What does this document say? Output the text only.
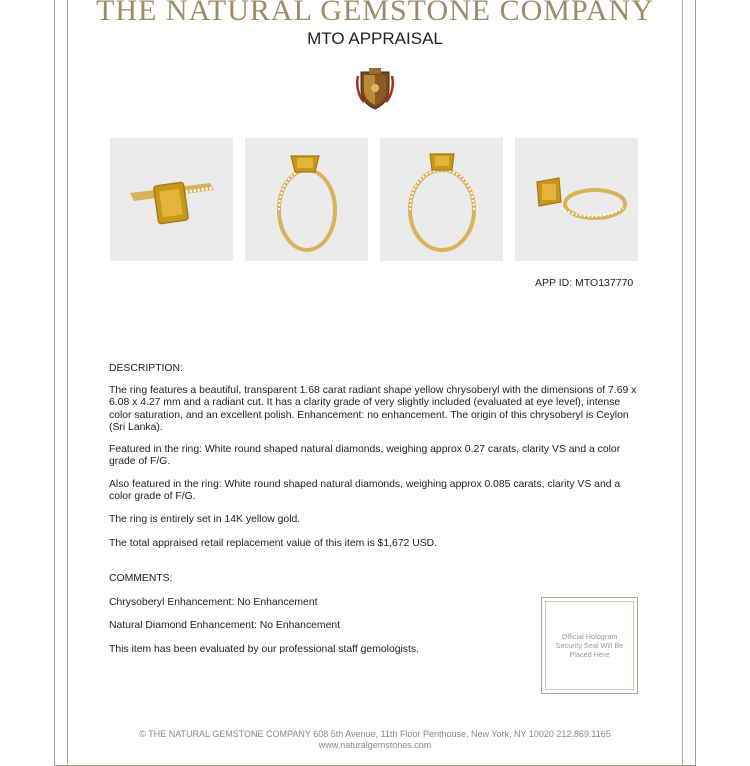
THE NATURAL GEMSTONE COMPANY
MTO APPRAISAL
APP ID: MTO137770
DESCRIPTION:
The ring features a beautiful, transparent 1.68 carat radiant shape yellow chrysoberyl with the dimensions of 7.69 x 6.08 x 4.27 mm and a radiant cut. It has a clarity grade of very slightly included (evaluated at eye level), intense color saturation, and an excellent polish. Enhancement: no enhancement. The origin of this chrysoberyl is Ceylon (Sri Lanka).
Featured in the ring: White round shaped natural diamonds, weighing approx 0.27 carats, clarity VS and a color grade of F/G.
Also featured in the ring: White round shaped natural diamonds, weighing approx 0.085 carats, clarity VS and a color grade of F/G.
The ring is entirely set in 14K yellow gold.
The total appraised retail replacement value of this item is $1,672 USD.
COMMENTS:
Chrysoberyl Enhancement: No Enhancement
Natural Diamond Enhancement: No Enhancement
This item has been evaluated by our professional staff gemologists.
Official Hologram Security Seal Will Be Placed Here
© THE NATURAL GEMSTONE COMPANY 608 5th Avenue, 11th Floor Penthouse, New York, NY 10020 212.869.1165
www.naturalgemstones.com
